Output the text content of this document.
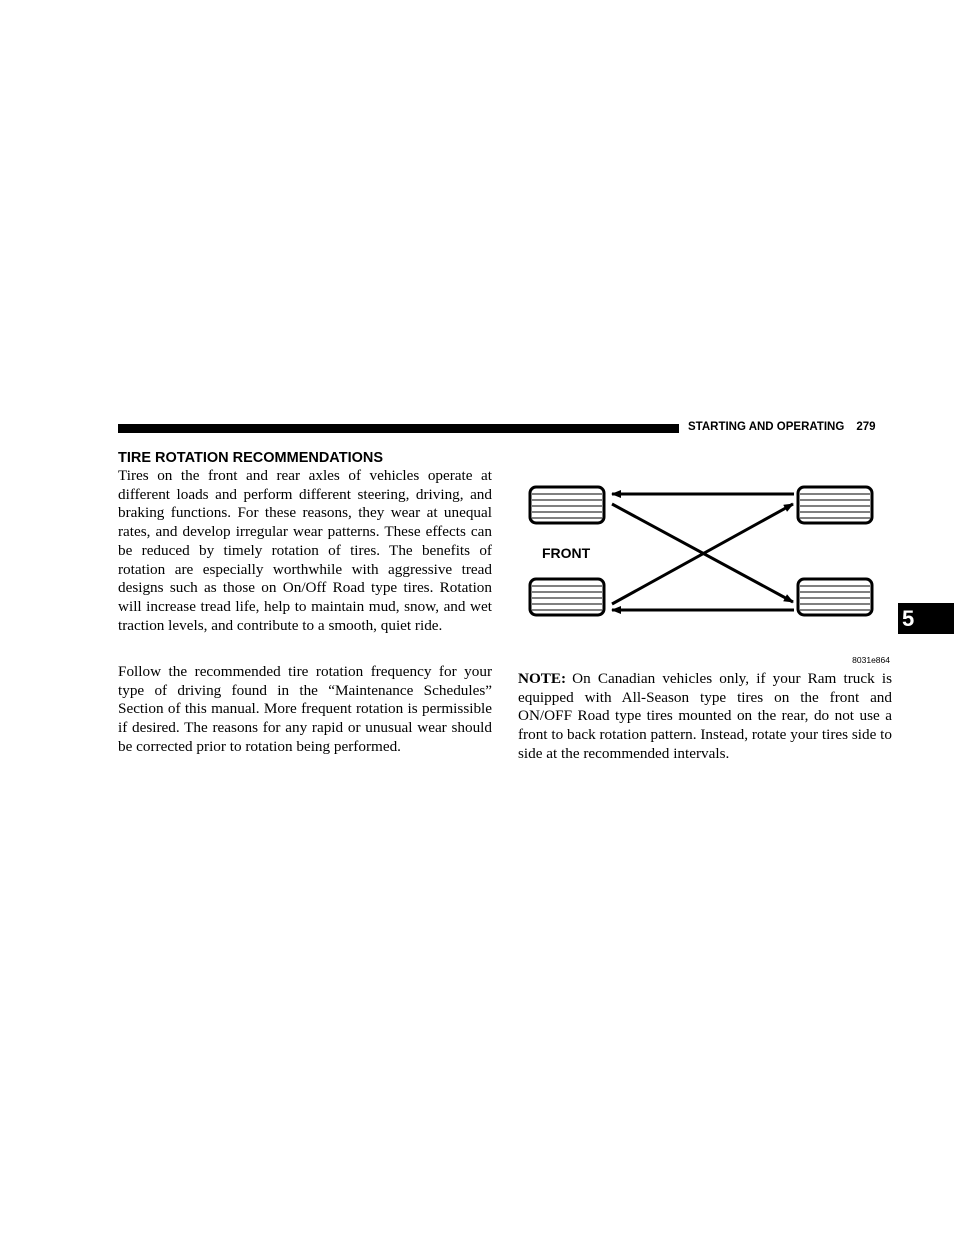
STARTING AND OPERATING 279
TIRE ROTATION RECOMMENDATIONS

Tires on the front and rear axles of vehicles operate at different loads and perform different steering, driving, and braking functions. For these reasons, they wear at unequal rates, and develop irregular wear patterns. These effects can be reduced by timely rotation of tires. The benefits of rotation are especially worthwhile with aggressive tread designs such as those on On/Off Road type tires. Rotation will increase tread life, help to maintain mud, snow, and wet traction levels, and contribute to a smooth, quiet ride.

Follow the recommended tire rotation frequency for your type of driving found in the “Maintenance Schedules” Section of this manual. More frequent rotation is permissible if desired. The reasons for any rapid or unusual wear should be corrected prior to rotation being performed.

FRONT
8031e864

NOTE: On Canadian vehicles only, if your Ram truck is equipped with All-Season type tires on the front and ON/OFF Road type tires mounted on the rear, do not use a front to back rotation pattern. Instead, rotate your tires side to side at the recommended intervals.

5
